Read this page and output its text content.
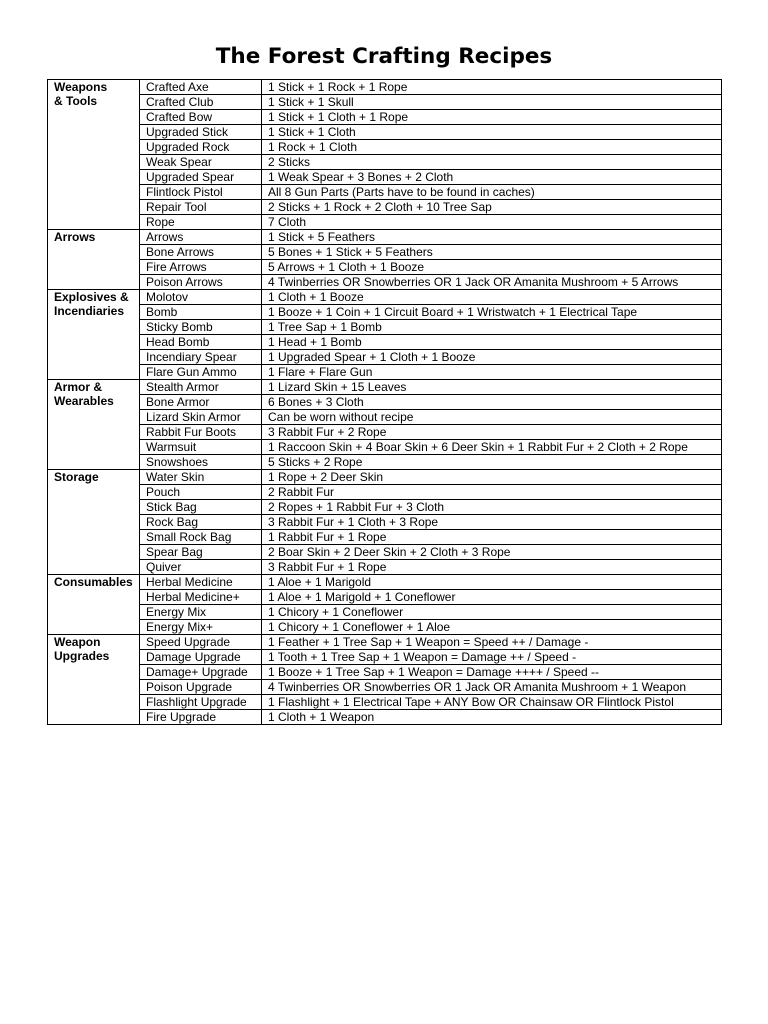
The Forest Crafting Recipes
Weapons
& Tools	Crafted Axe	1 Stick + 1 Rock + 1 Rope
	Crafted Club	1 Stick + 1 Skull
	Crafted Bow	1 Stick + 1 Cloth + 1 Rope
	Upgraded Stick	1 Stick + 1 Cloth
	Upgraded Rock	1 Rock + 1 Cloth
	Weak Spear	2 Sticks
	Upgraded Spear	1 Weak Spear + 3 Bones + 2 Cloth
	Flintlock Pistol	All 8 Gun Parts (Parts have to be found in caches)
	Repair Tool	2 Sticks + 1 Rock + 2 Cloth + 10 Tree Sap
	Rope	7 Cloth
Arrows	Arrows	1 Stick + 5 Feathers
	Bone Arrows	5 Bones + 1 Stick + 5 Feathers
	Fire Arrows	5 Arrows + 1 Cloth + 1 Booze
	Poison Arrows	4 Twinberries OR Snowberries OR 1 Jack OR Amanita Mushroom + 5 Arrows
Explosives &
Incendiaries	Molotov	1 Cloth + 1 Booze
	Bomb	1 Booze + 1 Coin + 1 Circuit Board + 1 Wristwatch + 1 Electrical Tape
	Sticky Bomb	1 Tree Sap + 1 Bomb
	Head Bomb	1 Head + 1 Bomb
	Incendiary Spear	1 Upgraded Spear + 1 Cloth + 1 Booze
	Flare Gun Ammo	1 Flare + Flare Gun
Armor &
Wearables	Stealth Armor	1 Lizard Skin + 15 Leaves
	Bone Armor	6 Bones + 3 Cloth
	Lizard Skin Armor	Can be worn without recipe
	Rabbit Fur Boots	3 Rabbit Fur + 2 Rope
	Warmsuit	1 Raccoon Skin + 4 Boar Skin + 6 Deer Skin + 1 Rabbit Fur + 2 Cloth + 2 Rope
	Snowshoes	5 Sticks + 2 Rope
Storage	Water Skin	1 Rope + 2 Deer Skin
	Pouch	2 Rabbit Fur
	Stick Bag	2 Ropes + 1 Rabbit Fur + 3 Cloth
	Rock Bag	3 Rabbit Fur + 1 Cloth + 3 Rope
	Small Rock Bag	1 Rabbit Fur + 1 Rope
	Spear Bag	2 Boar Skin + 2 Deer Skin + 2 Cloth + 3 Rope
	Quiver	3 Rabbit Fur + 1 Rope
Consumables	Herbal Medicine	1 Aloe + 1 Marigold
	Herbal Medicine+	1 Aloe + 1 Marigold + 1 Coneflower
	Energy Mix	1 Chicory + 1 Coneflower
	Energy Mix+	1 Chicory + 1 Coneflower + 1 Aloe
Weapon
Upgrades	Speed Upgrade	1 Feather + 1 Tree Sap + 1 Weapon = Speed ++ / Damage -
	Damage Upgrade	1 Tooth + 1 Tree Sap + 1 Weapon = Damage ++ / Speed -
	Damage+ Upgrade	1 Booze + 1 Tree Sap + 1 Weapon = Damage ++++ / Speed --
	Poison Upgrade	4 Twinberries OR Snowberries OR 1 Jack OR Amanita Mushroom + 1 Weapon
	Flashlight Upgrade	1 Flashlight + 1 Electrical Tape + ANY Bow OR Chainsaw OR Flintlock Pistol
	Fire Upgrade	1 Cloth + 1 Weapon
